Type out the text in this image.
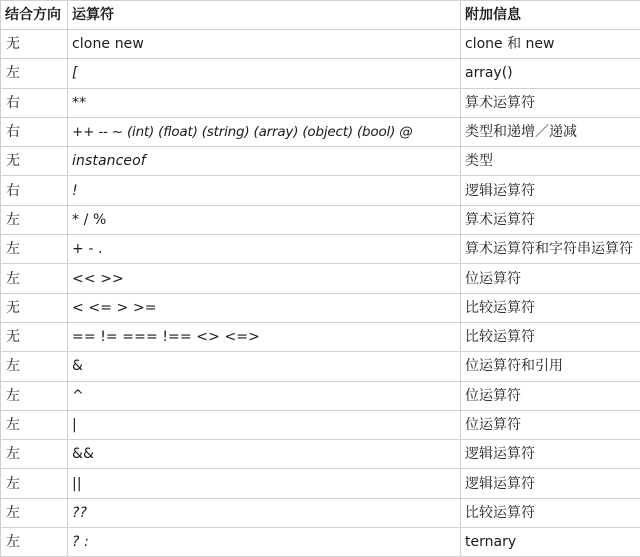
结合方向	运算符	附加信息
无	clone new	clone 和 new
左	[	array()
右	**	算术运算符
右	++ -- ~ (int) (float) (string) (array) (object) (bool) @	类型和递增／递减
无	instanceof	类型
右	!	逻辑运算符
左	* / %	算术运算符
左	+ - .	算术运算符和字符串运算符
左	<< >>	位运算符
无	< <= > >=	比较运算符
无	== != === !== <> <=>	比较运算符
左	&	位运算符和引用
左	^	位运算符
左	|	位运算符
左	&&	逻辑运算符
左	||	逻辑运算符
左	??	比较运算符
左	? :	ternary
